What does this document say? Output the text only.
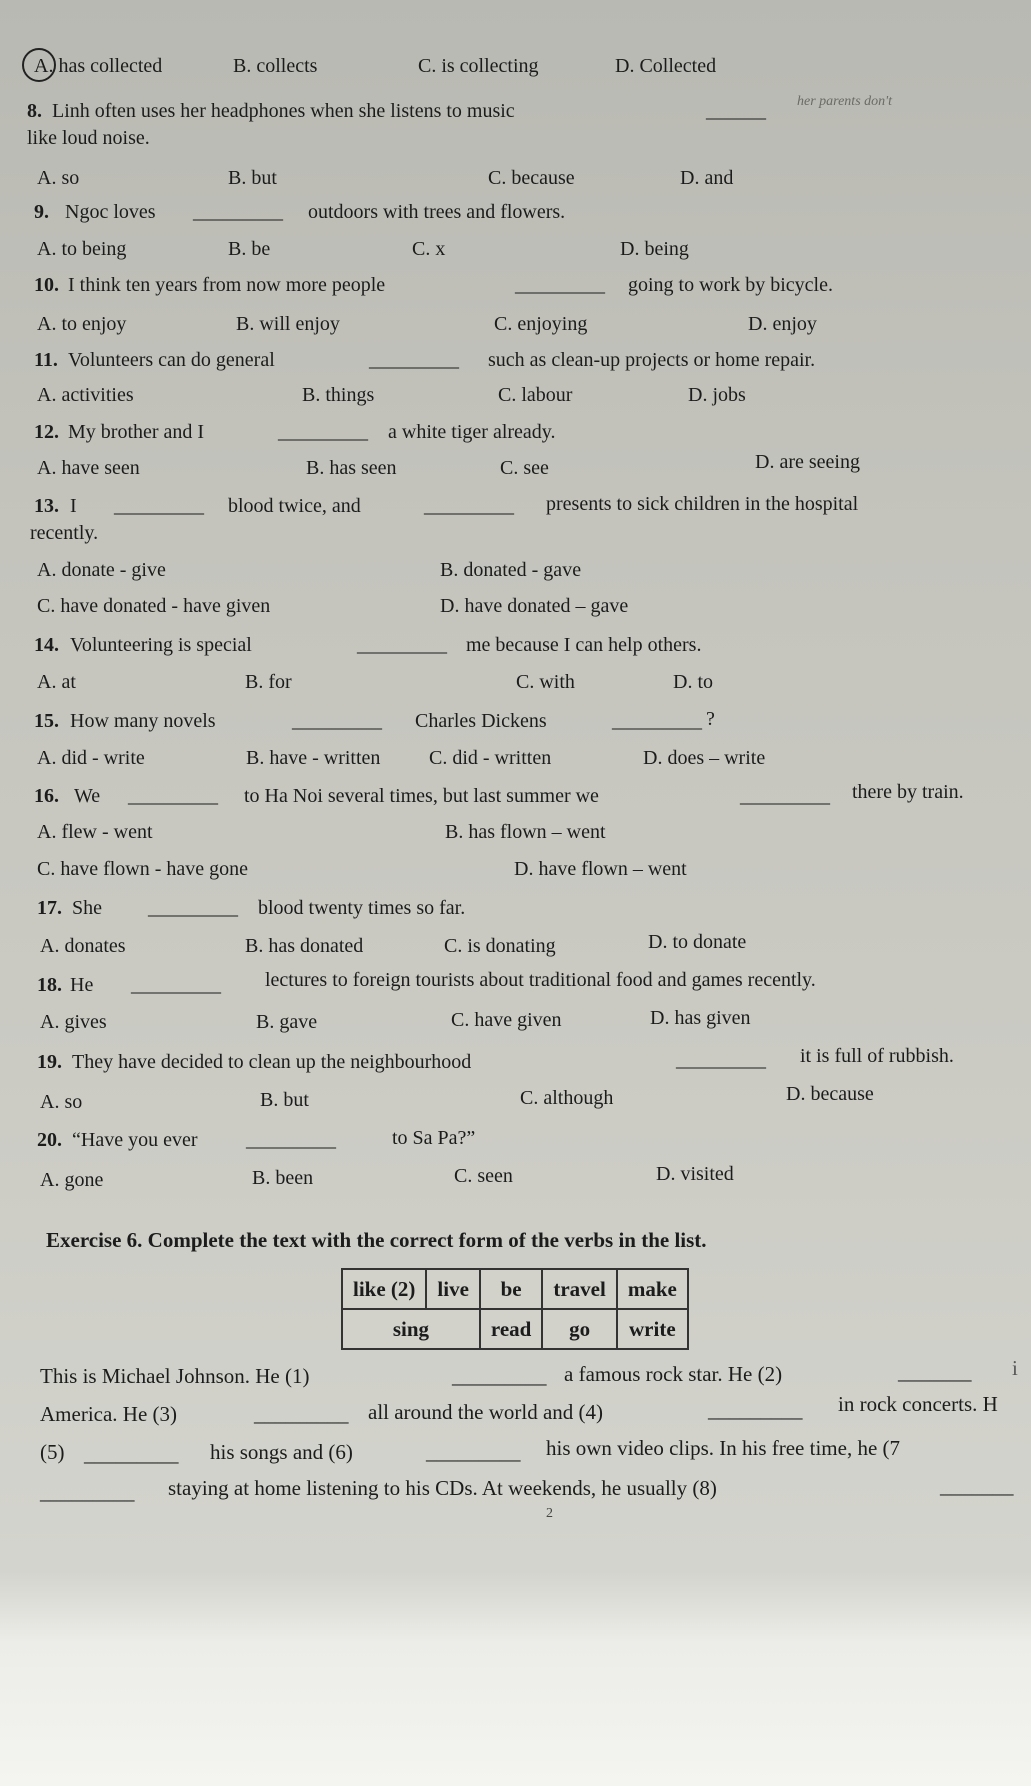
A. has collected	B. collects	C. is collecting	D. Collected
8. Linh often uses her headphones when she listens to music	______ her parents don't
like loud noise.
A. so	B. but	C. because	D. and
9. Ngoc loves _________ outdoors with trees and flowers.
A. to being	B. be	C. x	D. being
10. I think ten years from now more people	_________ going to work by bicycle.
A. to enjoy	B. will enjoy	C. enjoying	D. enjoy
11. Volunteers can do general	_________ such as clean-up projects or home repair.
A. activities	B. things	C. labour	D. jobs
12. My brother and I	_________ a white tiger already.
A. have seen	B. has seen	C. see	D. are seeing
13. I _________ blood twice, and	_________ presents to sick children in the hospital
recently.
A. donate - give	B. donated - gave
C. have donated - have given	D. have donated – gave
14. Volunteering is special	_________ me because I can help others.
A. at	B. for	C. with	D. to
15. How many novels	_________ Charles Dickens	_________ ?
A. did - write	B. have - written C. did - written	D. does – write
16. We _________ to Ha Noi several times, but last summer we	_________ there by train.
A. flew - went	B. has flown – went
C. have flown - have gone	D. have flown – went
17. She _________ blood twenty times so far.
A. donates	B. has donated	C. is donating	D. to donate
18. He _________ lectures to foreign tourists about traditional food and games recently.
A. gives	B. gave	C. have given	D. has given
19. They have decided to clean up the neighbourhood	_________ it is full of rubbish.
A. so	B. but	C. although	D. because
20. “Have you ever _________	to Sa Pa?”
A. gone	B. been	C. seen	D. visited
Exercise 6. Complete the text with the correct form of the verbs in the list.
like (2)	live	be	travel	make
sing		read	go	write
This is Michael Johnson. He (1)	_________ a famous rock star. He (2)	_______ i
America. He (3)	_________ all around the world and (4)	_________ in rock concerts. H
(5) _________ his songs and (6)	_________ his own video clips. In his free time, he (7
_________ staying at home listening to his CDs. At weekends, he usually (8)	_______
2
